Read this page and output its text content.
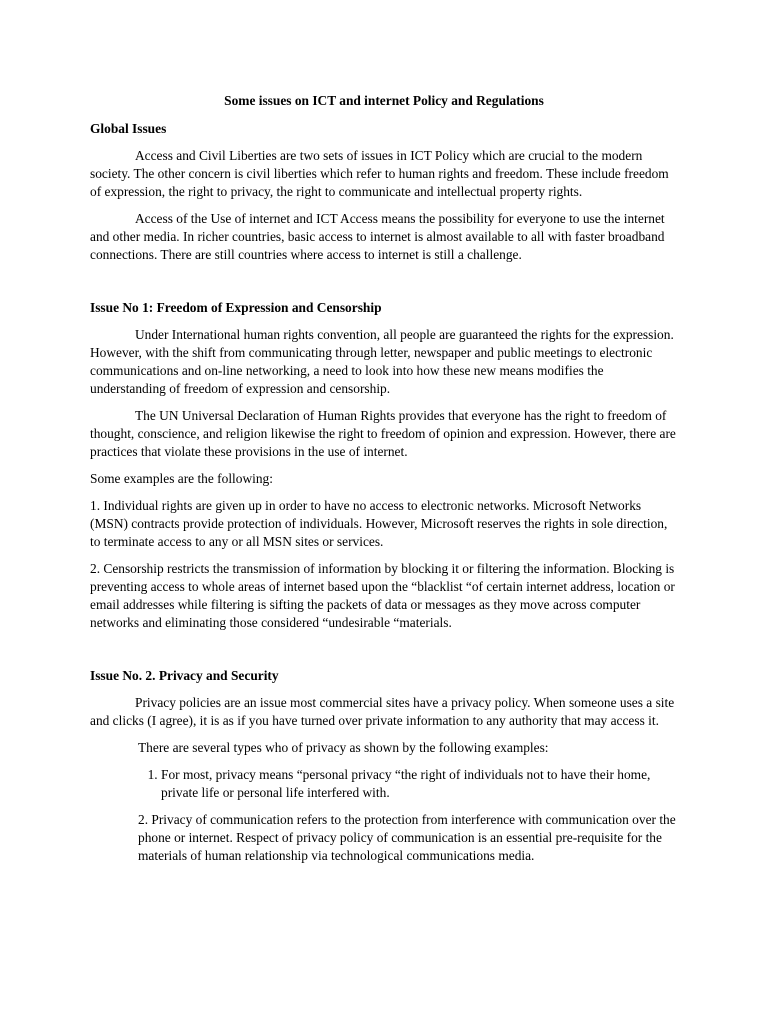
Some issues on ICT and internet Policy and Regulations

Global Issues

Access and Civil Liberties are two sets of issues in ICT Policy which are crucial to the modern society. The other concern is civil liberties which refer to human rights and freedom. These include freedom of expression, the right to privacy, the right to communicate and intellectual property rights.

Access of the Use of internet and ICT Access means the possibility for everyone to use the internet and other media. In richer countries, basic access to internet is almost available to all with faster broadband connections. There are still countries where access to internet is still a challenge.

Issue No 1: Freedom of Expression and Censorship

Under International human rights convention, all people are guaranteed the rights for the expression. However, with the shift from communicating through letter, newspaper and public meetings to electronic communications and on-line networking, a need to look into how these new means modifies the understanding of freedom of expression and censorship.

The UN Universal Declaration of Human Rights provides that everyone has the right to freedom of thought, conscience, and religion likewise the right to freedom of opinion and expression. However, there are practices that violate these provisions in the use of internet.

Some examples are the following:

1. Individual rights are given up in order to have no access to electronic networks. Microsoft Networks (MSN) contracts provide protection of individuals. However, Microsoft reserves the rights in sole direction, to terminate access to any or all MSN sites or services.

2. Censorship restricts the transmission of information by blocking it or filtering the information. Blocking is preventing access to whole areas of internet based upon the “blacklist “of certain internet address, location or email addresses while filtering is sifting the packets of data or messages as they move across computer networks and eliminating those considered “undesirable “materials.

Issue No. 2. Privacy and Security

Privacy policies are an issue most commercial sites have a privacy policy. When someone uses a site and clicks (I agree), it is as if you have turned over private information to any authority that may access it.

There are several types who of privacy as shown by the following examples:

1. For most, privacy means “personal privacy “the right of individuals not to have their home, private life or personal life interfered with.

2. Privacy of communication refers to the protection from interference with communication over the phone or internet. Respect of privacy policy of communication is an essential pre-requisite for the materials of human relationship via technological communications media.
